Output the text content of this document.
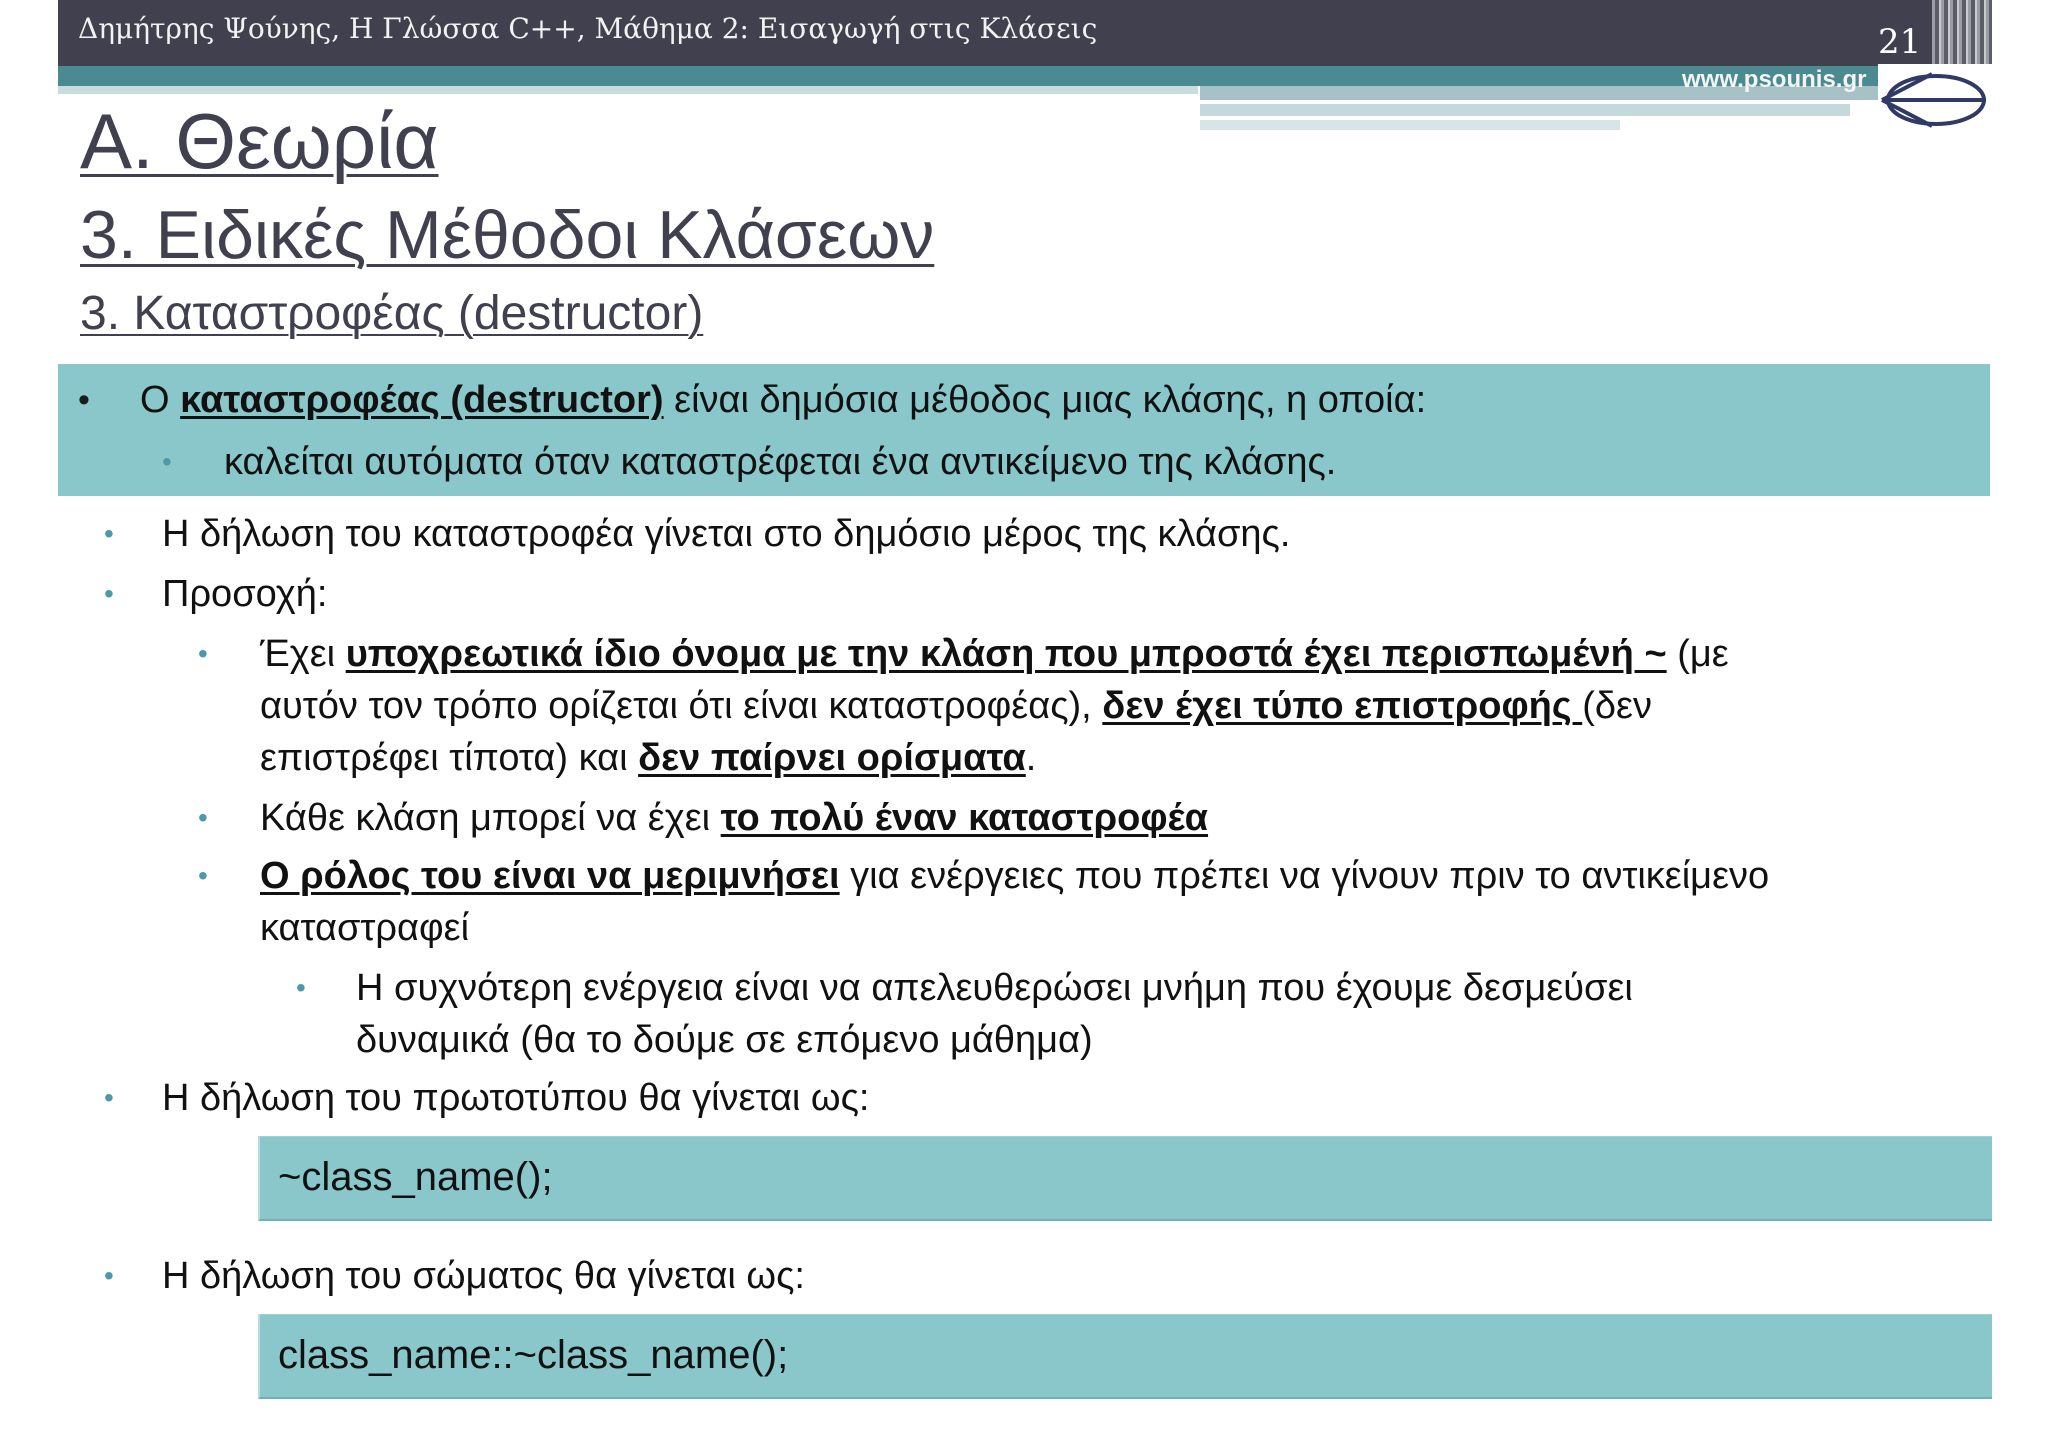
Δημήτρης Ψούνης, Η Γλώσσα C++, Μάθημα 2: Εισαγωγή στις Κλάσεις	21
www.psounis.gr
Α. Θεωρία
3. Ειδικές Μέθοδοι Κλάσεων
3. Καταστροφέας (destructor)
• Ο καταστροφέας (destructor) είναι δημόσια μέθοδος μιας κλάσης, η οποία:
• καλείται αυτόματα όταν καταστρέφεται ένα αντικείμενο της κλάσης.
• Η δήλωση του καταστροφέα γίνεται στο δημόσιο μέρος της κλάσης.
• Προσοχή:
• Έχει υποχρεωτικά ίδιο όνομα με την κλάση που μπροστά έχει περισπωμένή ~ (με
αυτόν τον τρόπο ορίζεται ότι είναι καταστροφέας), δεν έχει τύπο επιστροφής (δεν
επιστρέφει τίποτα) και δεν παίρνει ορίσματα.
• Κάθε κλάση μπορεί να έχει το πολύ έναν καταστροφέα
• Ο ρόλος του είναι να μεριμνήσει για ενέργειες που πρέπει να γίνουν πριν το αντικείμενο
καταστραφεί
• Η συχνότερη ενέργεια είναι να απελευθερώσει μνήμη που έχουμε δεσμεύσει
δυναμικά (θα το δούμε σε επόμενο μάθημα)
• Η δήλωση του πρωτοτύπου θα γίνεται ως:
~class_name();
• Η δήλωση του σώματος θα γίνεται ως:
class_name::~class_name();
